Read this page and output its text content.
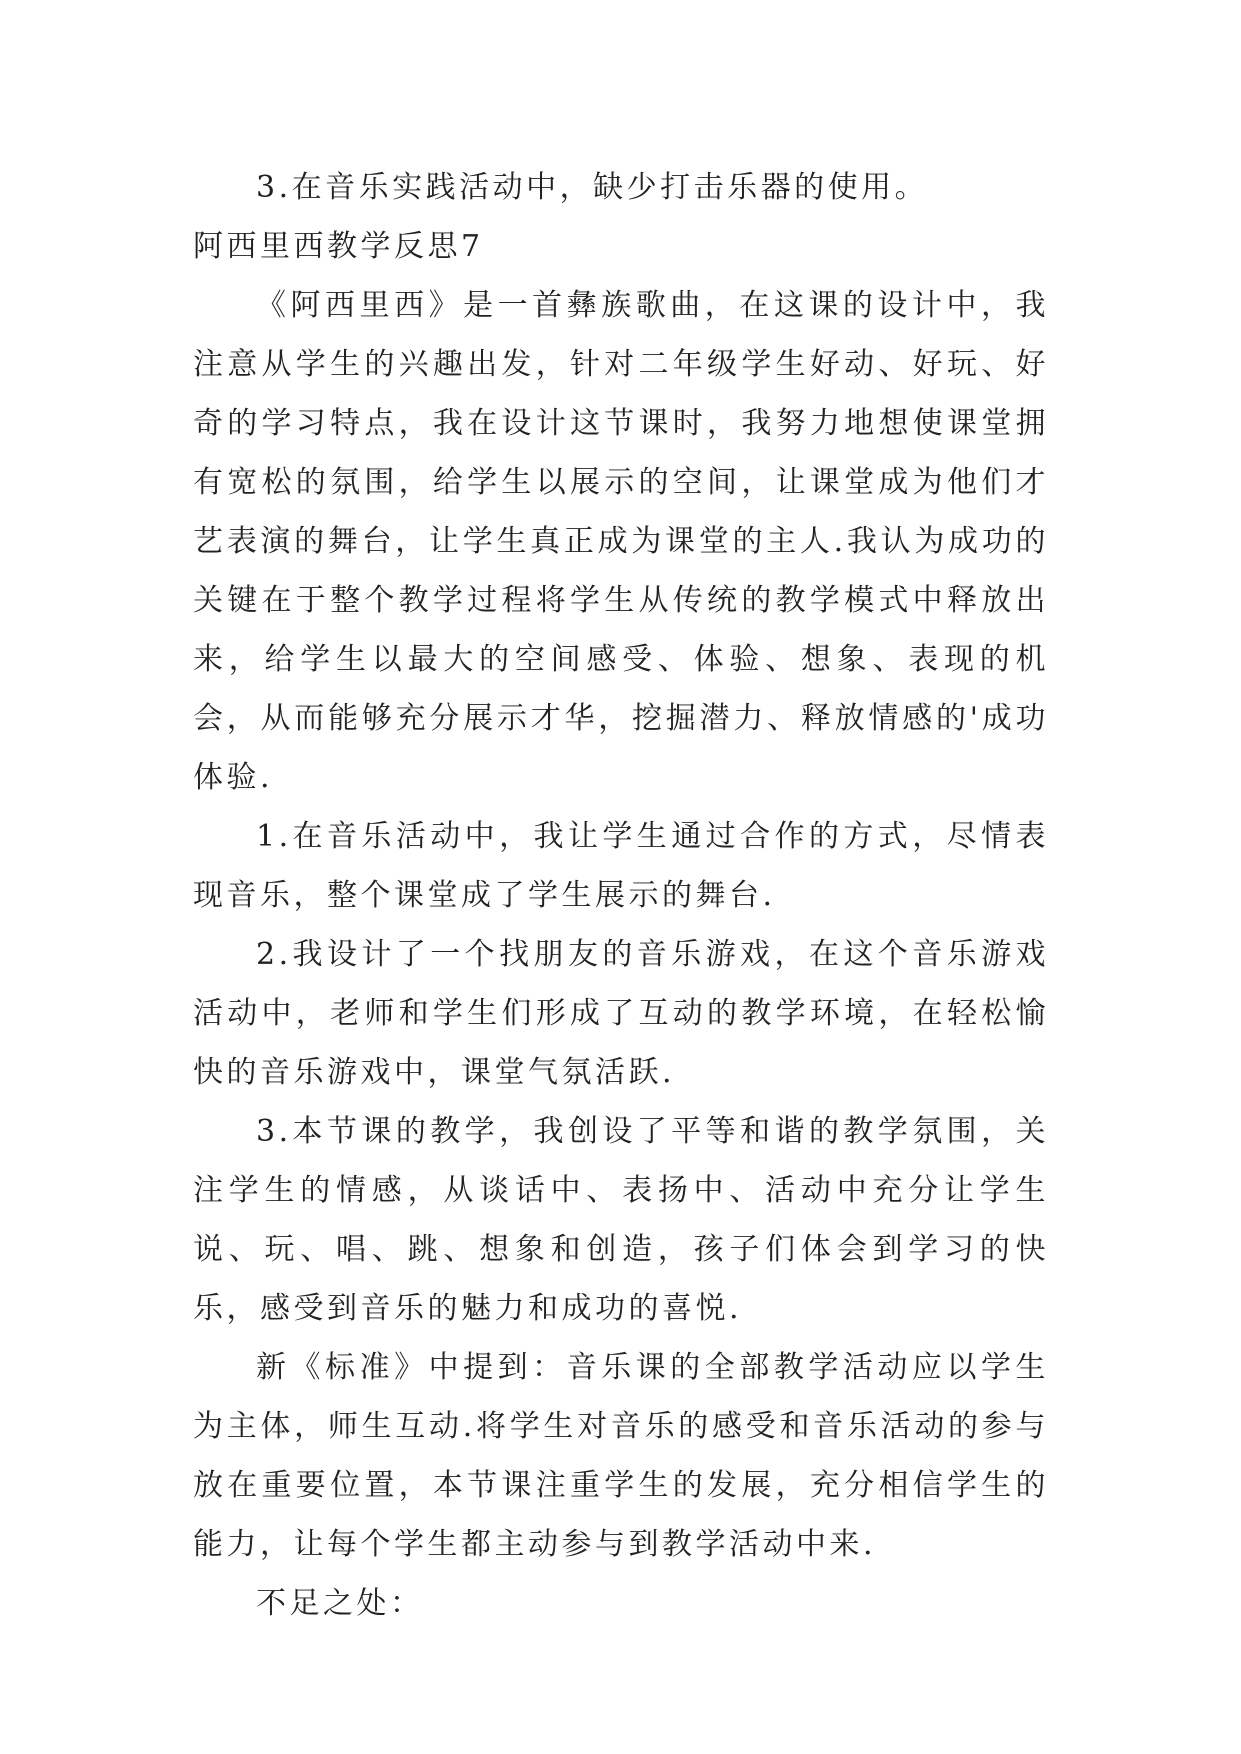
3.在音乐实践活动中，缺少打击乐器的使用。

阿西里西教学反思7

《阿西里西》是一首彝族歌曲，在这课的设计中，我注意从学生的兴趣出发，针对二年级学生好动、好玩、好奇的学习特点，我在设计这节课时，我努力地想使课堂拥有宽松的氛围，给学生以展示的空间，让课堂成为他们才艺表演的舞台，让学生真正成为课堂的主人.我认为成功的关键在于整个教学过程将学生从传统的教学模式中释放出来，给学生以最大的空间感受、体验、想象、表现的机会，从而能够充分展示才华，挖掘潜力、释放情感的'成功体验.

1.在音乐活动中，我让学生通过合作的方式，尽情表现音乐，整个课堂成了学生展示的舞台.

2.我设计了一个找朋友的音乐游戏，在这个音乐游戏活动中，老师和学生们形成了互动的教学环境，在轻松愉快的音乐游戏中，课堂气氛活跃.

3.本节课的教学，我创设了平等和谐的教学氛围，关注学生的情感，从谈话中、表扬中、活动中充分让学生说、玩、唱、跳、想象和创造，孩子们体会到学习的快乐，感受到音乐的魅力和成功的喜悦.

新《标准》中提到：音乐课的全部教学活动应以学生为主体，师生互动.将学生对音乐的感受和音乐活动的参与放在重要位置，本节课注重学生的发展，充分相信学生的能力，让每个学生都主动参与到教学活动中来.

不足之处：
